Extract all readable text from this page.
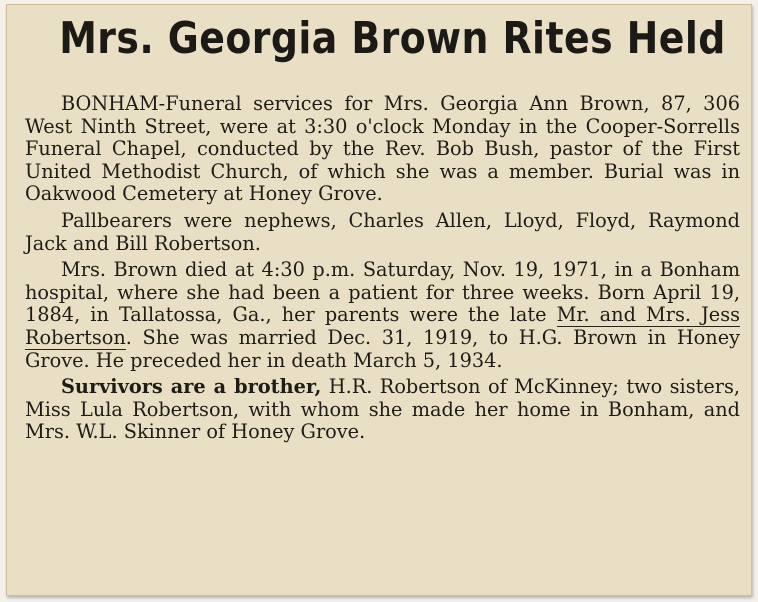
Mrs. Georgia Brown Rites Held

BONHAM-Funeral services for Mrs. Georgia Ann Brown, 87, 306 West Ninth Street, were at 3:30 o'clock Monday in the Cooper-Sorrells Funeral Chapel, conducted by the Rev. Bob Bush, pastor of the First United Methodist Church, of which she was a member. Burial was in Oakwood Cemetery at Honey Grove.

Pallbearers were nephews, Charles Allen, Lloyd, Floyd, Raymond Jack and Bill Robertson.

Mrs. Brown died at 4:30 p.m. Saturday, Nov. 19, 1971, in a Bonham hospital, where she had been a patient for three weeks. Born April 19, 1884, in Tallatossa, Ga., her parents were the late Mr. and Mrs. Jess Robertson. She was married Dec. 31, 1919, to H.G. Brown in Honey Grove. He preceded her in death March 5, 1934.

Survivors are a brother, H.R. Robertson of McKinney; two sisters, Miss Lula Robertson, with whom she made her home in Bonham, and Mrs. W.L. Skinner of Honey Grove.
